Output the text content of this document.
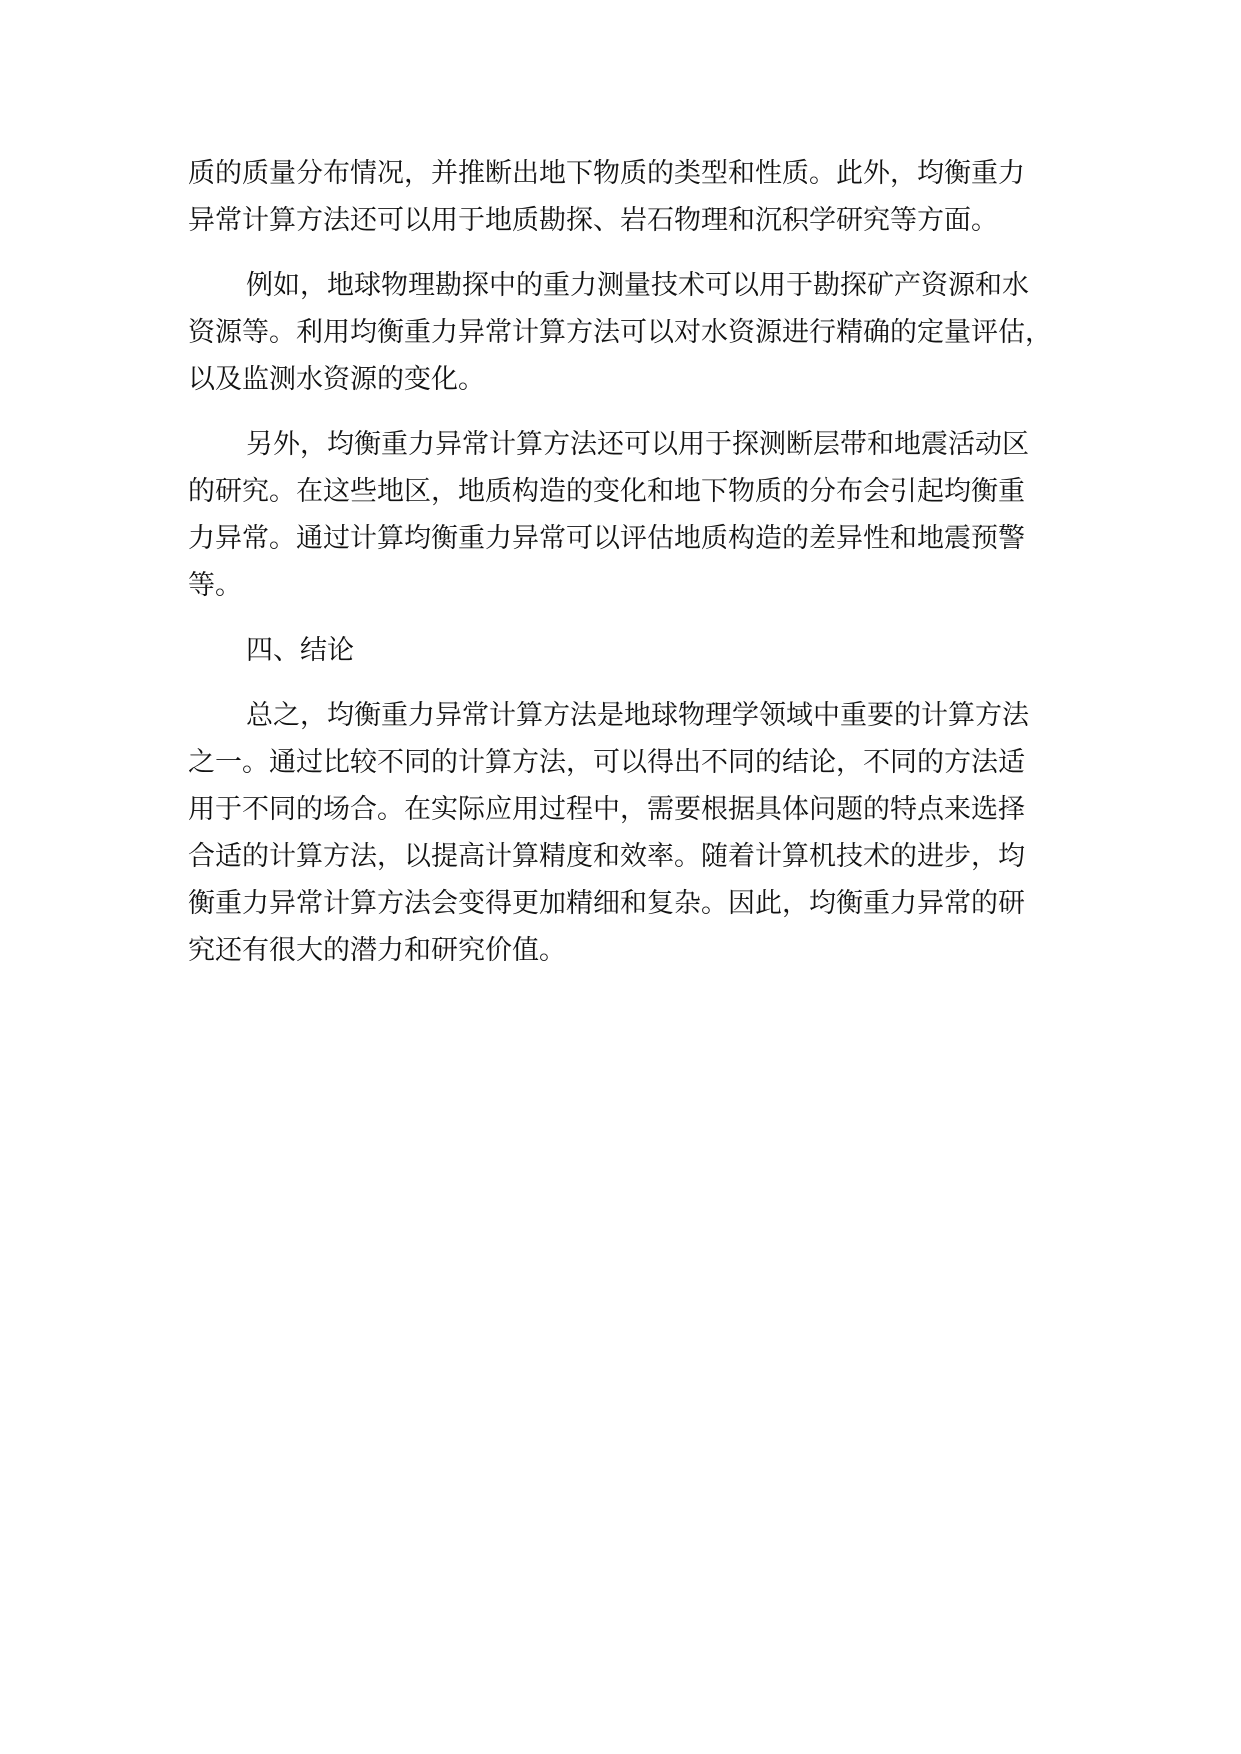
质的质量分布情况，并推断出地下物质的类型和性质。此外，均衡重力
异常计算方法还可以用于地质勘探、岩石物理和沉积学研究等方面。
例如，地球物理勘探中的重力测量技术可以用于勘探矿产资源和水
资源等。利用均衡重力异常计算方法可以对水资源进行精确的定量评估，
以及监测水资源的变化。
另外，均衡重力异常计算方法还可以用于探测断层带和地震活动区
的研究。在这些地区，地质构造的变化和地下物质的分布会引起均衡重
力异常。通过计算均衡重力异常可以评估地质构造的差异性和地震预警
等。
四、结论
总之，均衡重力异常计算方法是地球物理学领域中重要的计算方法
之一。通过比较不同的计算方法，可以得出不同的结论，不同的方法适
用于不同的场合。在实际应用过程中，需要根据具体问题的特点来选择
合适的计算方法，以提高计算精度和效率。随着计算机技术的进步，均
衡重力异常计算方法会变得更加精细和复杂。因此，均衡重力异常的研
究还有很大的潜力和研究价值。
